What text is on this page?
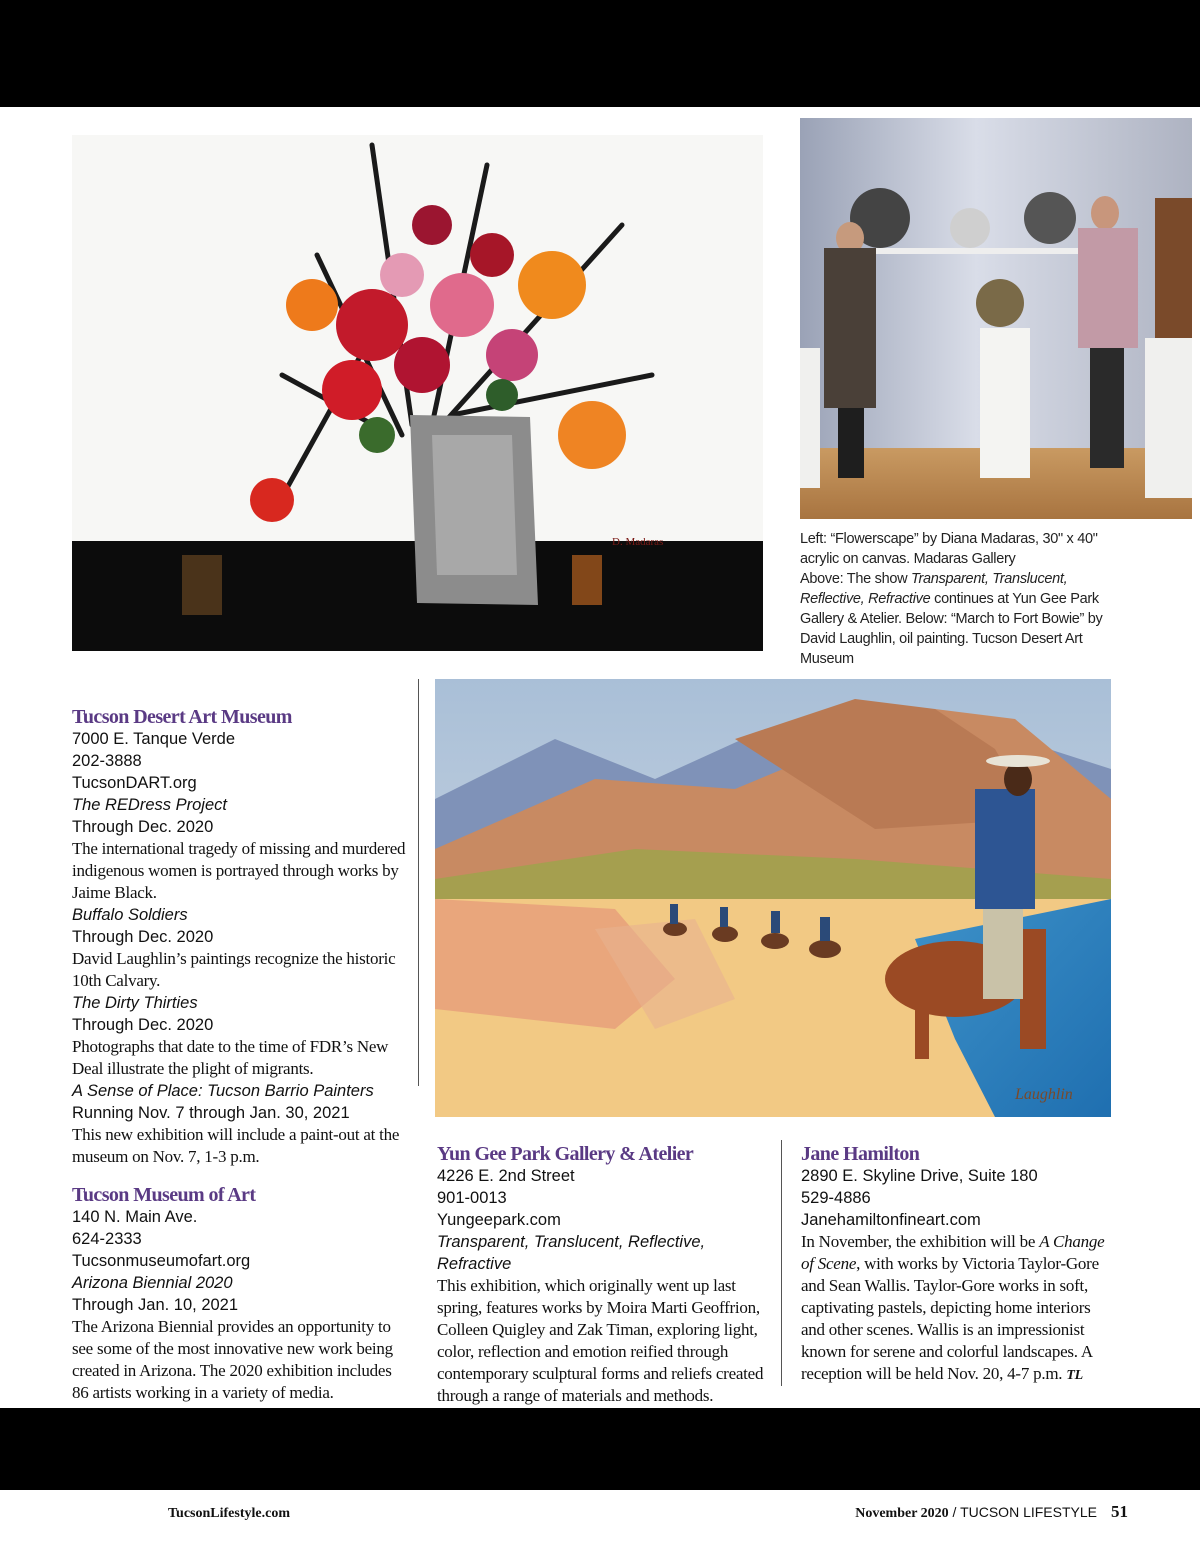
D. Madaras	Left: “Flowerscape” by Diana Madaras, 30" x 40" acrylic on canvas. Madaras Gallery

Above: The show Transparent, Translucent, Reflective, Refractive continues at Yun Gee Park Gallery & Atelier. Below: “March to Fort Bowie” by David Laughlin, oil painting. Tucson Desert Art Museum

Laughlin

Tucson Desert Art Museum

7000 E. Tanque Verde

202-3888

TucsonDART.org

The REDress Project

Through Dec. 2020

The international tragedy of missing and murdered indigenous women is portrayed through works by Jaime Black.

Buffalo Soldiers

Through Dec. 2020

David Laughlin’s paintings recognize the historic 10th Calvary.

The Dirty Thirties

Through Dec. 2020

Photographs that date to the time of FDR’s New Deal illustrate the plight of migrants.

A Sense of Place: Tucson Barrio Painters

Running Nov. 7 through Jan. 30, 2021

This new exhibition will include a paint-out at the museum on Nov. 7, 1-3 p.m.

Tucson Museum of Art

140 N. Main Ave.

624-2333

Tucsonmuseumofart.org

Arizona Biennial 2020

Through Jan. 10, 2021

The Arizona Biennial provides an opportunity to see some of the most innovative new work being created in Arizona. The 2020 exhibition includes 86 artists working in a variety of media.

Yun Gee Park Gallery & Atelier

4226 E. 2nd Street

901-0013

Yungeepark.com

Transparent, Translucent, Reflective, Refractive

This exhibition, which originally went up last spring, features works by Moira Marti Geoffrion, Colleen Quigley and Zak Timan, exploring light, color, reflection and emotion reified through contemporary sculptural forms and reliefs created through a range of materials and methods.

Jane Hamilton

2890 E. Skyline Drive, Suite 180

529-4886

Janehamiltonfineart.com

In November, the exhibition will be A Change of Scene, with works by Victoria Taylor-Gore and Sean Wallis. Taylor-Gore works in soft, captivating pastels, depicting home interiors and other scenes. Wallis is an impressionist known for serene and colorful landscapes. A reception will be held Nov. 20, 4-7 p.m. TL

TucsonLifestyle.com	November 2020 / TUCSON LIFESTYLE 51
